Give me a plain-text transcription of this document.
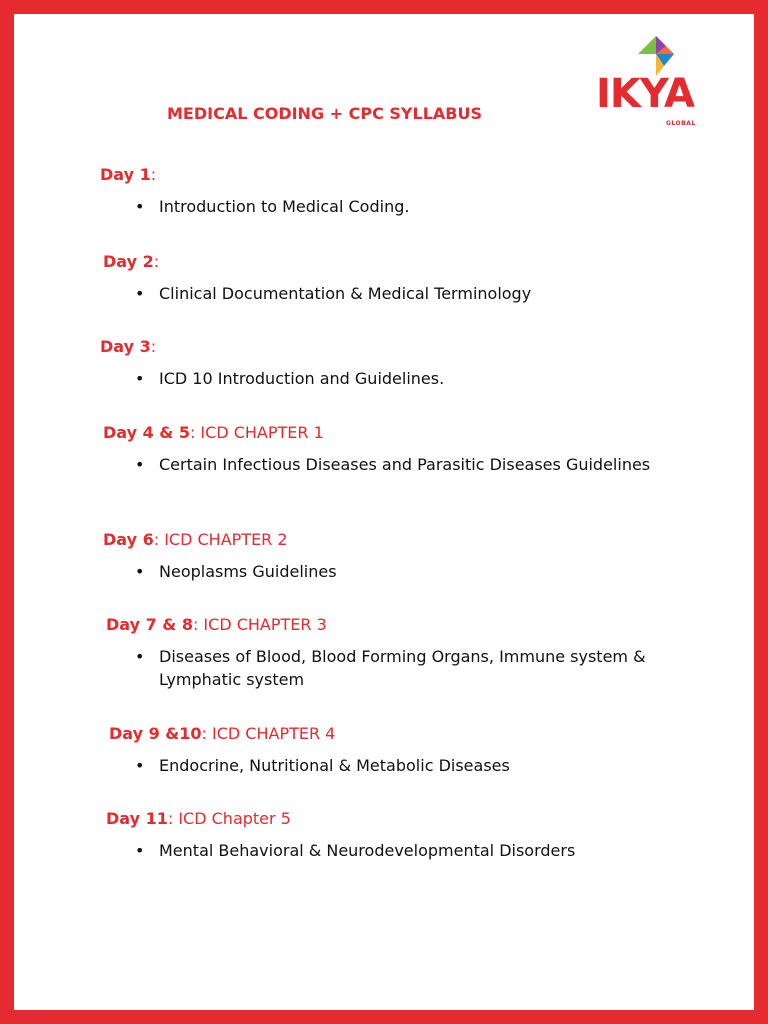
IKYA
GLOBAL
MEDICAL CODING + CPC SYLLABUS
Day 1:
• Introduction to Medical Coding.
Day 2:
• Clinical Documentation & Medical Terminology
Day 3:
• ICD 10 Introduction and Guidelines.
Day 4 & 5: ICD CHAPTER 1
• Certain Infectious Diseases and Parasitic Diseases Guidelines
Day 6: ICD CHAPTER 2
• Neoplasms Guidelines
Day 7 & 8: ICD CHAPTER 3
• Diseases of Blood, Blood Forming Organs, Immune system & Lymphatic system
Day 9 &10: ICD CHAPTER 4
• Endocrine, Nutritional & Metabolic Diseases
Day 11: ICD Chapter 5
• Mental Behavioral & Neurodevelopmental Disorders
